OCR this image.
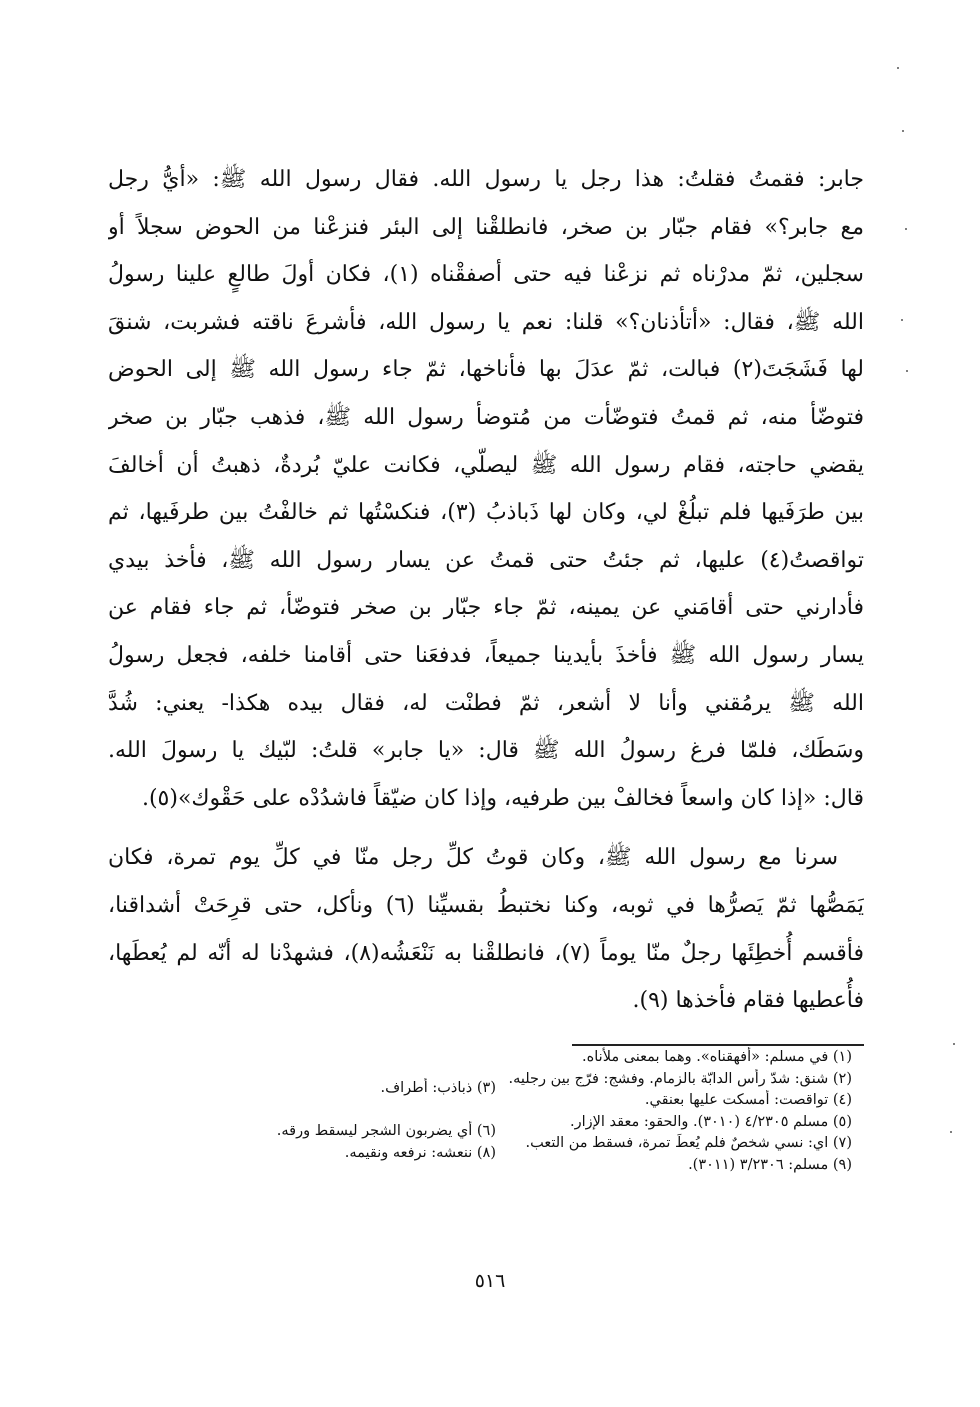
جابر: فقمتُ فقلتُ: هذا رجل يا رسول الله. فقال رسول الله ﷺ: «أيُّ رجل
مع جابر؟» فقام جبّار بن صخر، فانطلقْنا إلى البئر فنزعْنا من الحوض سجلاً أو
سجلين، ثمّ مدرْناه ثم نزعْنا فيه حتى أصفقْناه (١)، فكان أولَ طالعٍ علينا رسولُ
الله ﷺ، فقال: «أتأذنان؟» قلنا: نعم يا رسول الله، فأشرعَ ناقته فشربت، شنقَ
لها فَشَجَتَ(٢) فبالت، ثمّ عدَلَ بها فأناخها، ثمّ جاء رسول الله ﷺ إلى الحوض
فتوضّأ منه، ثم قمتُ فتوضّأت من مُتوضأ رسول الله ﷺ، فذهب جبّار بن صخر
يقضي حاجته، فقام رسول الله ﷺ ليصلّي، فكانت عليّ بُردةٌ، ذهبتُ أن أخالفَ
بين طرَفَيها فلم تبلُغْ لي، وكان لها ذَباذبُ (٣)، فنكسْتُها ثم خالفْتُ بين طرفَيها، ثم
تواقصتُ(٤) عليها، ثم جئتُ حتى قمتُ عن يسار رسول الله ﷺ، فأخذ بيدي
فأدارني حتى أقامَني عن يمينه، ثمّ جاء جبّار بن صخر فتوضّأ، ثم جاء فقام عن
يسار رسول الله ﷺ فأخذَ بأيدينا جميعاً، فدفعَنا حتى أقامنا خلفه، فجعل رسولُ
الله ﷺ يرمُقني وأنا لا أشعر، ثمّ فطنْت له، فقال بيده هكذا- يعني: شُدَّ
وسَطَك، فلمّا فرغ رسولُ الله ﷺ قال: «يا جابر» قلتُ: لبّيك يا رسولَ الله.
قال: «إذا كان واسعاً فخالفْ بين طرفيه، وإذا كان ضيّقاً فاشدُدْه على حَقْوك»(٥).
سرنا مع رسول الله ﷺ، وكان قوتُ كلِّ رجل منّا في كلِّ يوم تمرة، فكان
يَمَصُّها ثمّ يَصرُّها في ثوبه، وكنا نختبطُ بقسيِّنا (٦) ونأكل، حتى قرِحَتْ أشداقنا،
فأقسم أُخطِئَها رجلٌ منّا يوماً (٧)، فانطلقْنا به نَنْعَشُه(٨)، فشهدْنا له أنّه لم يُعطَها،
فأُعطيها فقام فأخذها (٩).
(١) في مسلم: «أفهقناه». وهما بمعنى ملأناه.
(٢) شنق: شدّ رأس الدابّة بالزمام. وفشج: فرّج بين رجليه.
(٤) تواقصت: أمسكت عليها بعنقي.
(٥) مسلم ٤/٢٣٠٥ (٣٠١٠). والحقو: معقد الإزار.
(٧) اي: نسي شخصٌ فلم يُعطَ تمرة، فسقط من التعب.
(٩) مسلم: ٣/٢٣٠٦ (٣٠١١).
(٣) ذباذب: أطراف.
(٦) أي يضربون الشجر ليسقط ورقه.
(٨) ننعشه: نرفعه ونقيمه.
٥١٦
